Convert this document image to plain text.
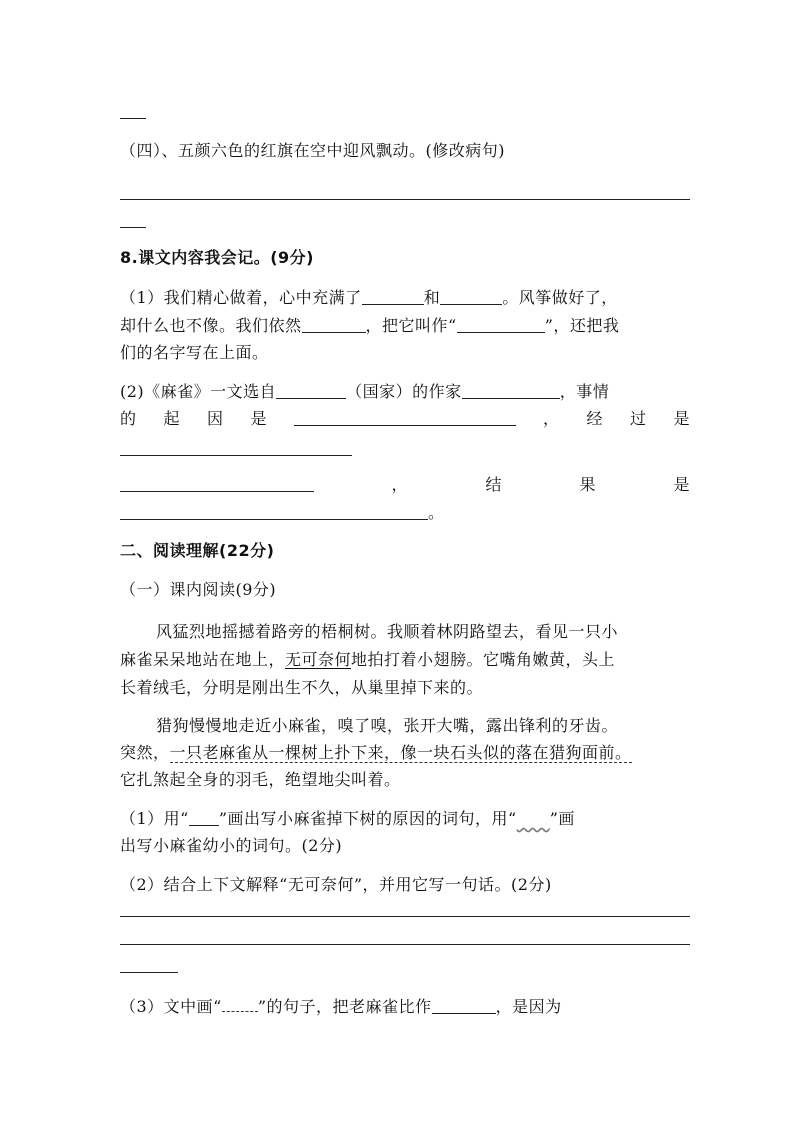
（四）、五颜六色的红旗在空中迎风飘动。(修改病句)
8.课文内容我会记。(9分)
（1）我们精心做着，心中充满了	和	。风筝做好了，
却什么也不像。我们依然	，把它叫作“	”，还把我
们的名字写在上面。
(2)《麻雀》一文选自	（国家）的作家	，事情
的 起 因 是	， 经 过 是
，	结	果	是
。
二、阅读理解(22分)
（一）课内阅读(9分)
风猛烈地摇撼着路旁的梧桐树。我顺着林阴路望去，看见一只小
麻雀呆呆地站在地上，无可奈何地拍打着小翅膀。它嘴角嫩黄，头上
长着绒毛，分明是刚出生不久，从巢里掉下来的。
猎狗慢慢地走近小麻雀，嗅了嗅，张开大嘴，露出锋利的牙齿。
突然，一只老麻雀从一棵树上扑下来，像一块石头似的落在猎狗面前。
它扎煞起全身的羽毛，绝望地尖叫着。
（1）用“ ”画出写小麻雀掉下树的原因的词句，用“   ”画
出写小麻雀幼小的词句。(2分)
（2）结合上下文解释“无可奈何”，并用它写一句话。(2分)
（3）文中画“ ”的句子，把老麻雀比作	，是因为
